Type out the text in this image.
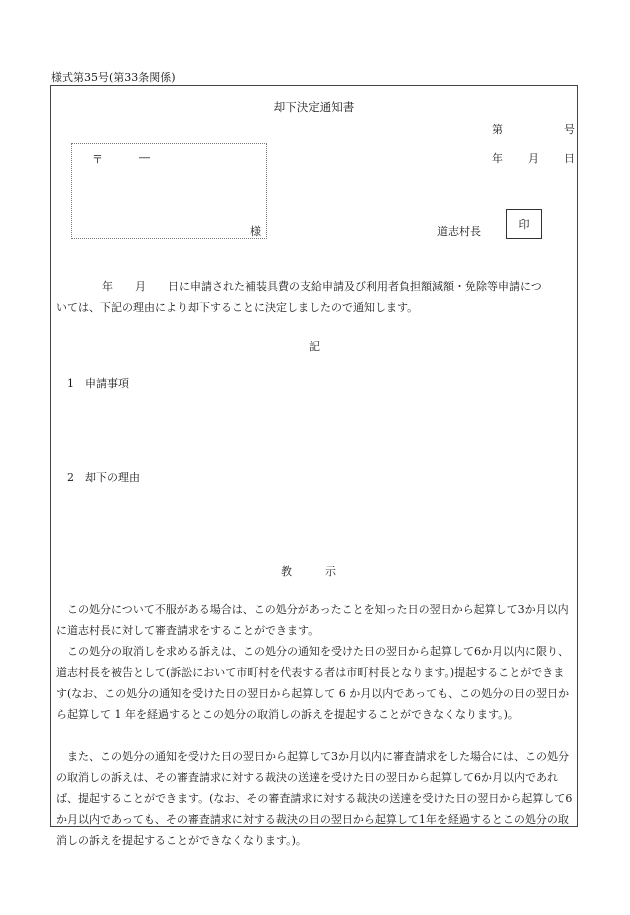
様式第35号(第33条関係)
却下決定通知書
第	号
年 月 日
〒	―
様	道志村長
印
年　　月　　日に申請された補装具費の支給申請及び利用者負担額減額・免除等申請につ
いては、下記の理由により却下することに決定しましたので通知します。
記
1　申請事項
2　却下の理由
教　　　示

この処分について不服がある場合は、この処分があったことを知った日の翌日から起算して3か月以内に道志村長に対して審査請求をすることができます。

この処分の取消しを求める訴えは、この処分の通知を受けた日の翌日から起算して6か月以内に限り、道志村長を被告として(訴訟において市町村を代表する者は市町村長となります。)提起することができます(なお、この処分の通知を受けた日の翌日から起算して 6 か月以内であっても、この処分の日の翌日から起算して 1 年を経過するとこの処分の取消しの訴えを提起することができなくなります。)。

また、この処分の通知を受けた日の翌日から起算して3か月以内に審査請求をした場合には、この処分の取消しの訴えは、その審査請求に対する裁決の送達を受けた日の翌日から起算して6か月以内であれば、提起することができます。(なお、その審査請求に対する裁決の送達を受けた日の翌日から起算して6か月以内であっても、その審査請求に対する裁決の日の翌日から起算して1年を経過するとこの処分の取消しの訴えを提起することができなくなります。)。
